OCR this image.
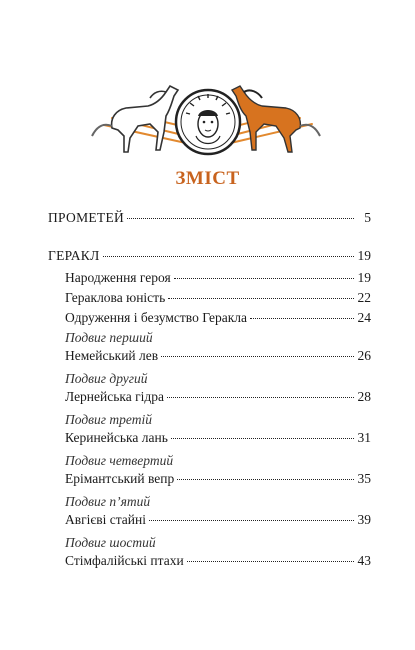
ЗМІСТ
ПРОМЕТЕЙ	5
ГЕРАКЛ	19
Народження героя	19
Гераклова юність	22
Одруження і безумство Геракла	24
Подвиг перший
Немейський лев	26
Подвиг другий
Лернейська гідра	28
Подвиг третій
Керинейська лань	31
Подвиг четвертий
Ерімантський вепр	35
Подвиг п’ятий
Авгієві стайні	39
Подвиг шостий
Стімфалійські птахи	43
